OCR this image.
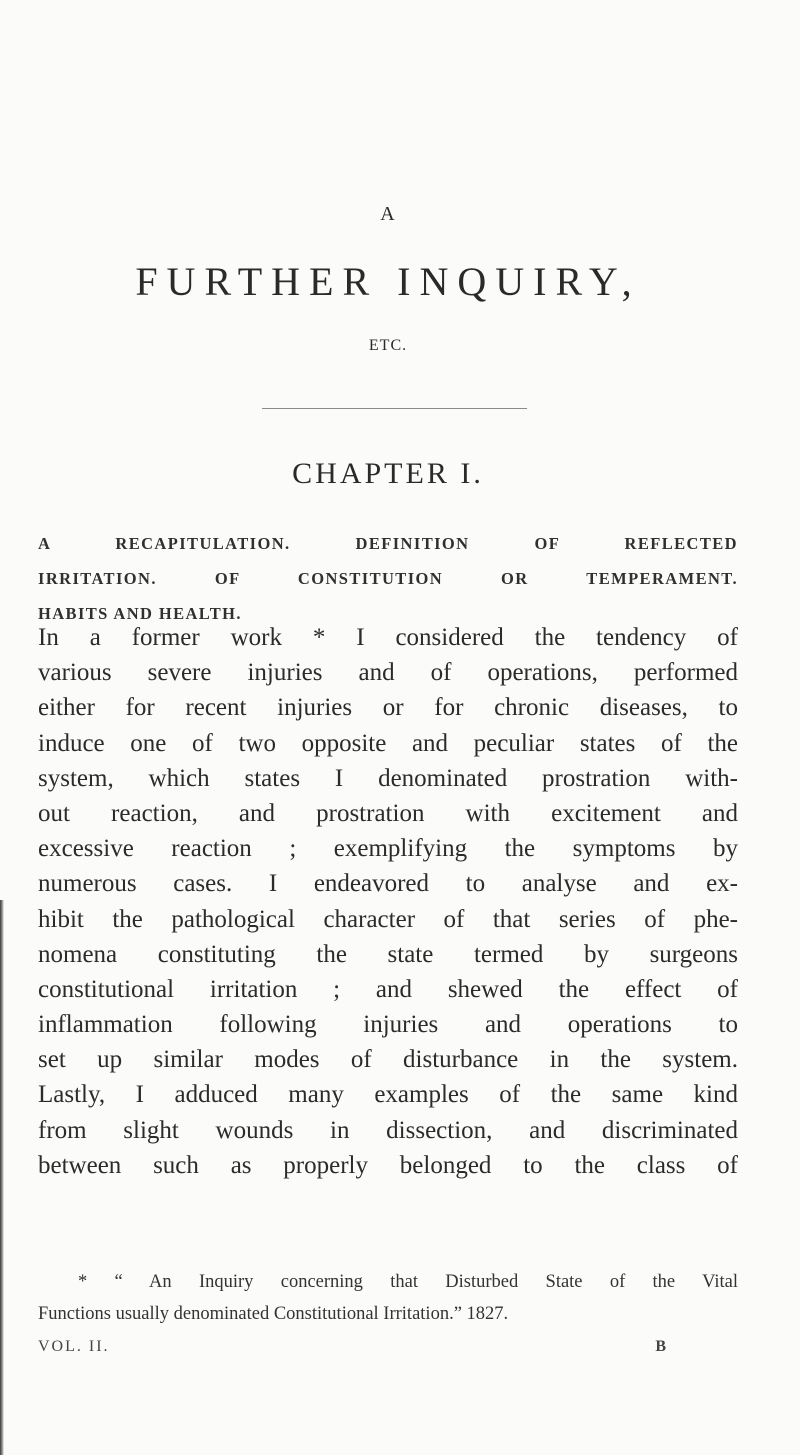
A
FURTHER INQUIRY,
ETC.
CHAPTER I.
A RECAPITULATION. DEFINITION OF REFLECTED
IRRITATION. OF CONSTITUTION OR TEMPERAMENT.
HABITS AND HEALTH.
In a former work * I considered the tendency of
various severe injuries and of operations, performed
either for recent injuries or for chronic diseases, to
induce one of two opposite and peculiar states of the
system, which states I denominated prostration with-
out reaction, and prostration with excitement and
excessive reaction ; exemplifying the symptoms by
numerous cases. I endeavored to analyse and ex-
hibit the pathological character of that series of phe-
nomena constituting the state termed by surgeons
constitutional irritation ; and shewed the effect of
inflammation following injuries and operations to
set up similar modes of disturbance in the system.
Lastly, I adduced many examples of the same kind
from slight wounds in dissection, and discriminated
between such as properly belonged to the class of
* “ An Inquiry concerning that Disturbed State of the Vital
Functions usually denominated Constitutional Irritation.” 1827.
VOL. II.	B
